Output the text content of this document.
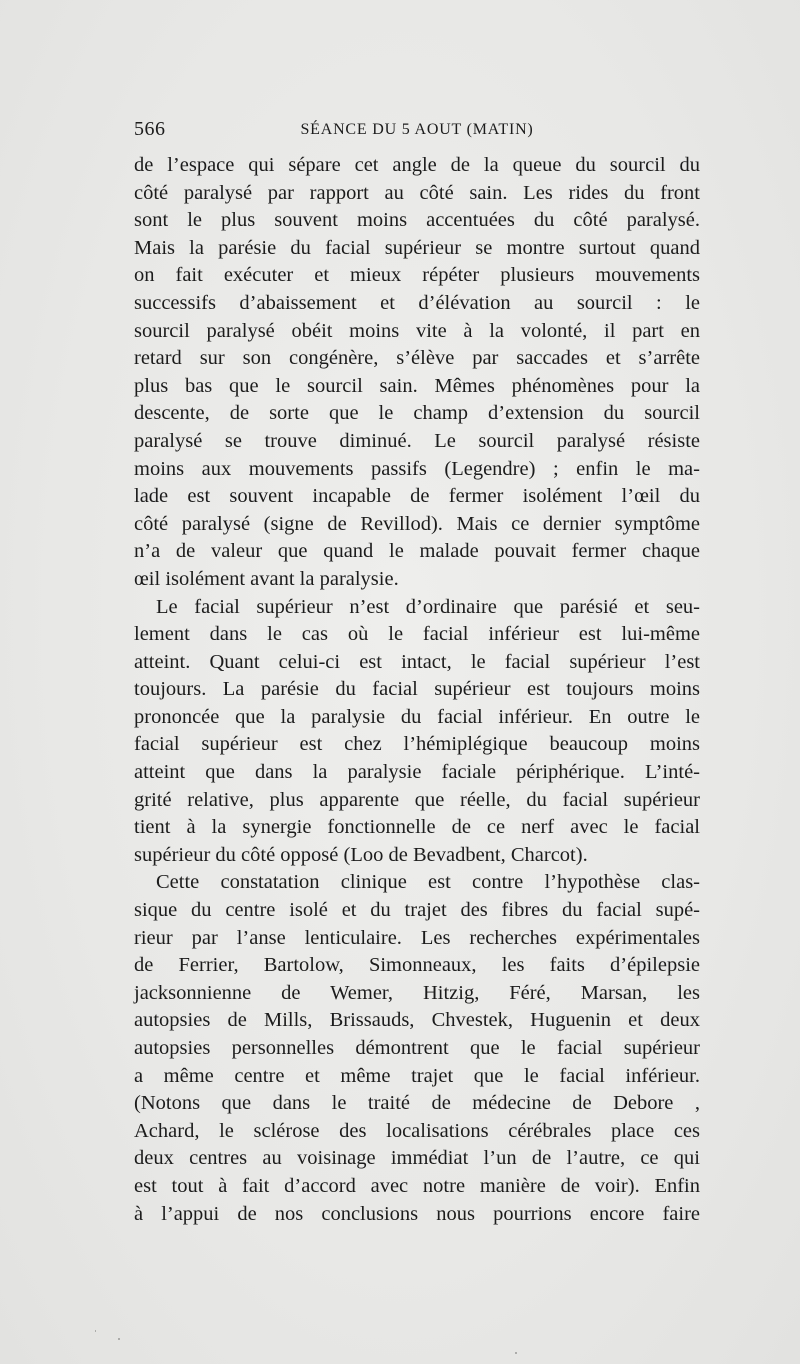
566	SÉANCE DU 5 AOUT (MATIN)
de l’espace qui sépare cet angle de la queue du sourcil du
côté paralysé par rapport au côté sain. Les rides du front
sont le plus souvent moins accentuées du côté paralysé.
Mais la parésie du facial supérieur se montre surtout quand
on fait exécuter et mieux répéter plusieurs mouvements
successifs d’abaissement et d’élévation au sourcil : le
sourcil paralysé obéit moins vite à la volonté, il part en
retard sur son congénère, s’élève par saccades et s’arrête
plus bas que le sourcil sain. Mêmes phénomènes pour la
descente, de sorte que le champ d’extension du sourcil
paralysé se trouve diminué. Le sourcil paralysé résiste
moins aux mouvements passifs (Legendre) ; enfin le ma-
lade est souvent incapable de fermer isolément l’œil du
côté paralysé (signe de Revillod). Mais ce dernier symptôme
n’a de valeur que quand le malade pouvait fermer chaque
œil isolément avant la paralysie.
Le facial supérieur n’est d’ordinaire que parésié et seu-
lement dans le cas où le facial inférieur est lui-même
atteint. Quant celui-ci est intact, le facial supérieur l’est
toujours. La parésie du facial supérieur est toujours moins
prononcée que la paralysie du facial inférieur. En outre le
facial supérieur est chez l’hémiplégique beaucoup moins
atteint que dans la paralysie faciale périphérique. L’inté-
grité relative, plus apparente que réelle, du facial supérieur
tient à la synergie fonctionnelle de ce nerf avec le facial
supérieur du côté opposé (Loo de Bevadbent, Charcot).
Cette constatation clinique est contre l’hypothèse clas-
sique du centre isolé et du trajet des fibres du facial supé-
rieur par l’anse lenticulaire. Les recherches expérimentales
de Ferrier, Bartolow, Simonneaux, les faits d’épilepsie
jacksonnienne de Wemer, Hitzig, Féré, Marsan, les
autopsies de Mills, Brissauds, Chvestek, Huguenin et deux
autopsies personnelles démontrent que le facial supérieur
a même centre et même trajet que le facial inférieur.
(Notons que dans le traité de médecine de Debore ,
Achard, le sclérose des localisations cérébrales place ces
deux centres au voisinage immédiat l’un de l’autre, ce qui
est tout à fait d’accord avec notre manière de voir). Enfin
à l’appui de nos conclusions nous pourrions encore faire
